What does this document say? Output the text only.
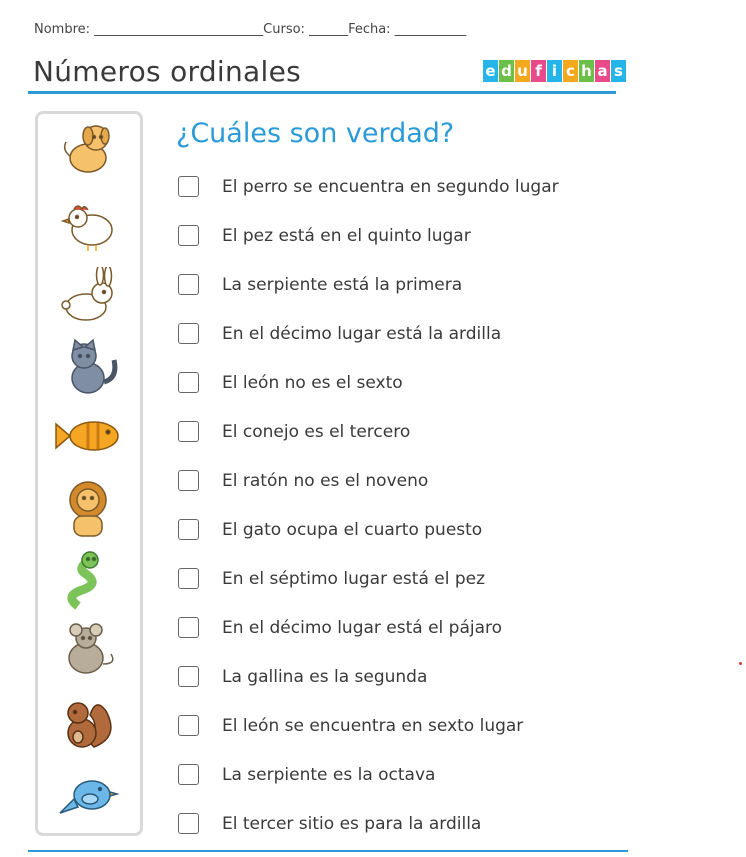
Nombre: __________________________Curso: ______Fecha: ___________
Números ordinales	e d u f i c h a s
¿Cuáles son verdad?
El perro se encuentra en segundo lugar
El pez está en el quinto lugar
La serpiente está la primera
En el décimo lugar está la ardilla
El león no es el sexto
El conejo es el tercero
El ratón no es el noveno
El gato ocupa el cuarto puesto
En el séptimo lugar está el pez
En el décimo lugar está el pájaro
La gallina es la segunda
El león se encuentra en sexto lugar
La serpiente es la octava
El tercer sitio es para la ardilla
